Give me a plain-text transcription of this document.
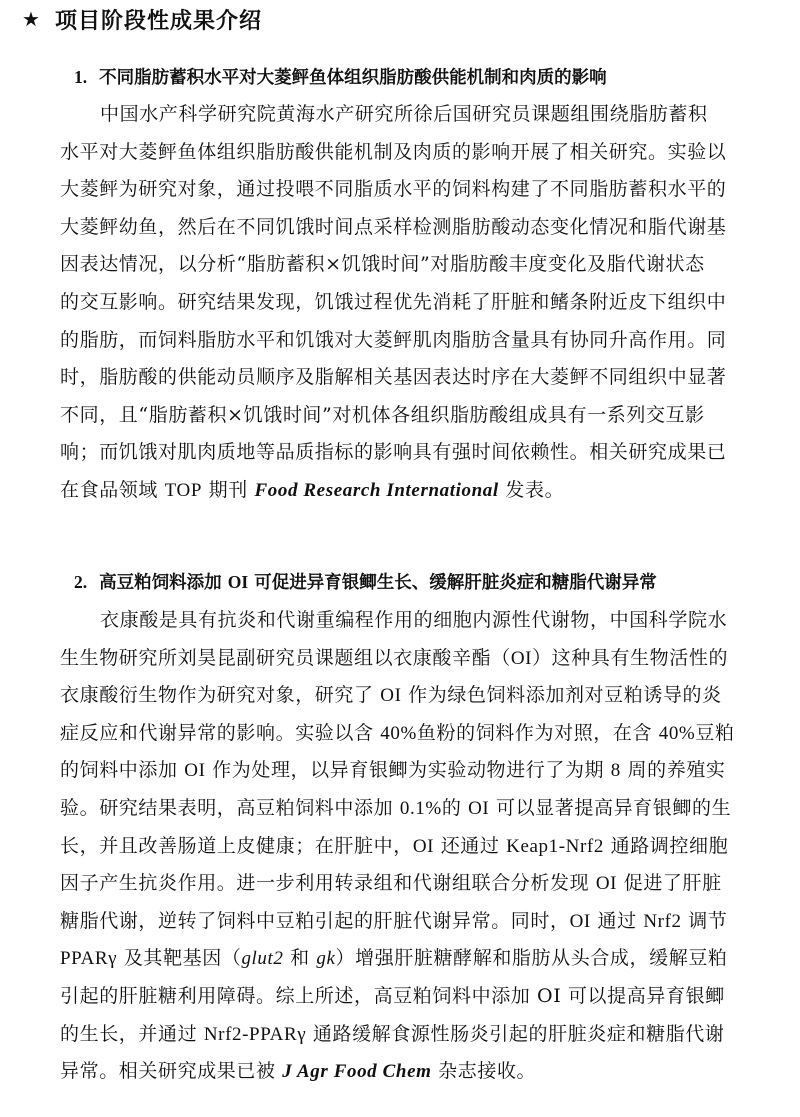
★ 项目阶段性成果介绍
1. 不同脂肪蓄积水平对大菱鲆鱼体组织脂肪酸供能机制和肉质的影响
中国水产科学研究院黄海水产研究所徐后国研究员课题组围绕脂肪蓄积
水平对大菱鲆鱼体组织脂肪酸供能机制及肉质的影响开展了相关研究。实验以
大菱鲆为研究对象，通过投喂不同脂质水平的饲料构建了不同脂肪蓄积水平的
大菱鲆幼鱼，然后在不同饥饿时间点采样检测脂肪酸动态变化情况和脂代谢基
因表达情况，以分析“脂肪蓄积×饥饿时间”对脂肪酸丰度变化及脂代谢状态
的交互影响。研究结果发现，饥饿过程优先消耗了肝脏和鳍条附近皮下组织中
的脂肪，而饲料脂肪水平和饥饿对大菱鲆肌肉脂肪含量具有协同升高作用。同
时，脂肪酸的供能动员顺序及脂解相关基因表达时序在大菱鲆不同组织中显著
不同，且“脂肪蓄积×饥饿时间”对机体各组织脂肪酸组成具有一系列交互影
响；而饥饿对肌肉质地等品质指标的影响具有强时间依赖性。相关研究成果已
在食品领域 TOP 期刊 Food Research International 发表。
2. 高豆粕饲料添加 OI 可促进异育银鲫生长、缓解肝脏炎症和糖脂代谢异常
衣康酸是具有抗炎和代谢重编程作用的细胞内源性代谢物，中国科学院水
生生物研究所刘昊昆副研究员课题组以衣康酸辛酯（OI）这种具有生物活性的
衣康酸衍生物作为研究对象，研究了 OI 作为绿色饲料添加剂对豆粕诱导的炎
症反应和代谢异常的影响。实验以含 40%鱼粉的饲料作为对照，在含 40%豆粕
的饲料中添加 OI 作为处理，以异育银鲫为实验动物进行了为期 8 周的养殖实
验。研究结果表明，高豆粕饲料中添加 0.1%的 OI 可以显著提高异育银鲫的生
长，并且改善肠道上皮健康；在肝脏中，OI 还通过 Keap1-Nrf2 通路调控细胞
因子产生抗炎作用。进一步利用转录组和代谢组联合分析发现 OI 促进了肝脏
糖脂代谢，逆转了饲料中豆粕引起的肝脏代谢异常。同时，OI 通过 Nrf2 调节
PPARγ 及其靶基因（glut2 和 gk）增强肝脏糖酵解和脂肪从头合成，缓解豆粕
引起的肝脏糖利用障碍。综上所述，高豆粕饲料中添加 OI 可以提高异育银鲫
的生长，并通过 Nrf2-PPARγ 通路缓解食源性肠炎引起的肝脏炎症和糖脂代谢
异常。相关研究成果已被 J Agr Food Chem 杂志接收。
